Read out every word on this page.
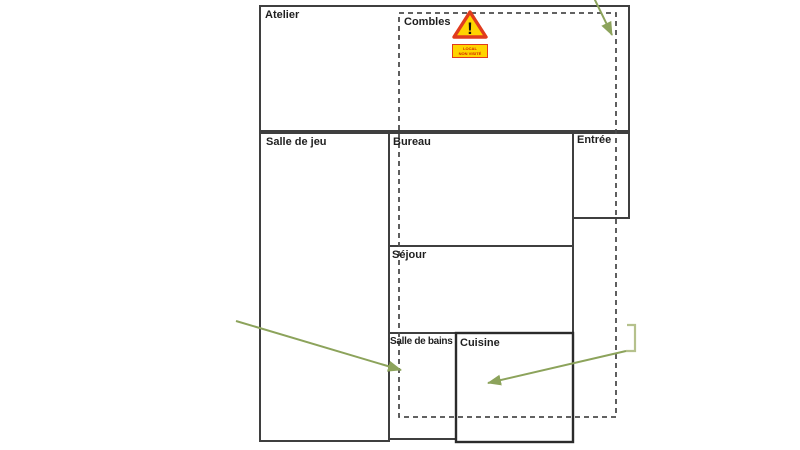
Atelier
Combles
Salle de jeu	Bureau	Entrée
Séjour
Salle de bains Cuisine
!
LOCAL
NON VISITÉ
